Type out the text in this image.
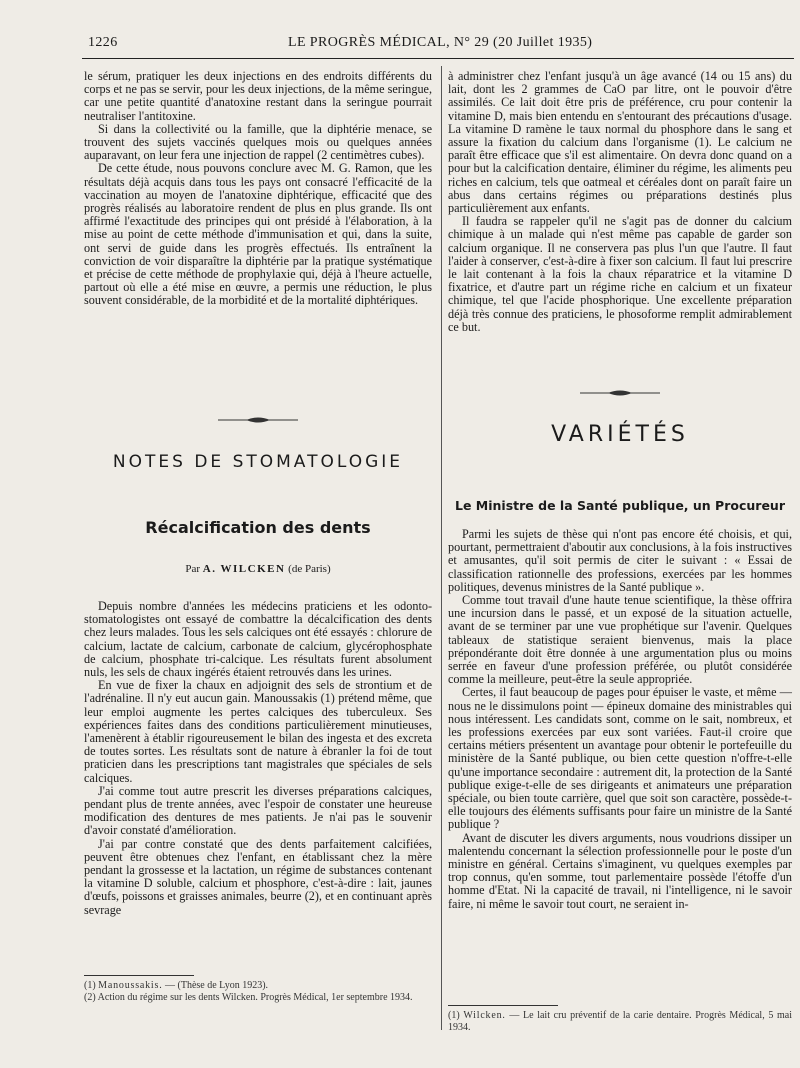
1226	LE PROGRÈS MÉDICAL, N° 29 (20 Juillet 1935)

le sérum, pratiquer les deux injections en des endroits différents du corps et ne pas se servir, pour les deux injections, de la même seringue, car une petite quantité d'anatoxine restant dans la seringue pourrait neutraliser l'antitoxine.

Si dans la collectivité ou la famille, que la diphtérie menace, se trouvent des sujets vaccinés quelques mois ou quelques années auparavant, on leur fera une injection de rappel (2 centimètres cubes).

De cette étude, nous pouvons conclure avec M. G. Ramon, que les résultats déjà acquis dans tous les pays ont consacré l'efficacité de la vaccination au moyen de l'anatoxine diphtérique, efficacité que des progrès réalisés au laboratoire rendent de plus en plus grande. Ils ont affirmé l'exactitude des principes qui ont présidé à l'élaboration, à la mise au point de cette méthode d'immunisation et qui, dans la suite, ont servi de guide dans les progrès effectués. Ils entraînent la conviction de voir disparaître la diphtérie par la pratique systématique et précise de cette méthode de prophylaxie qui, déjà à l'heure actuelle, partout où elle a été mise en œuvre, a permis une réduction, le plus souvent considérable, de la morbidité et de la mortalité diphtériques.

NOTES DE STOMATOLOGIE

Récalcification des dents

Par A. WILCKEN (de Paris)

Depuis nombre d'années les médecins praticiens et les odonto-stomatologistes ont essayé de combattre la décalcification des dents chez leurs malades. Tous les sels calciques ont été essayés : chlorure de calcium, lactate de calcium, carbonate de calcium, glycérophosphate de calcium, phosphate tri-calcique. Les résultats furent absolument nuls, les sels de chaux ingérés étaient retrouvés dans les urines.

En vue de fixer la chaux en adjoignit des sels de strontium et de l'adrénaline. Il n'y eut aucun gain. Manoussakis (1) prétend même, que leur emploi augmente les pertes calciques des tuberculeux. Ses expériences faites dans des conditions particulièrement minutieuses, l'amenèrent à établir rigoureusement le bilan des ingesta et des excreta de toutes sortes. Les résultats sont de nature à ébranler la foi de tout praticien dans les prescriptions tant magistrales que spéciales de sels calciques.

J'ai comme tout autre prescrit les diverses préparations calciques, pendant plus de trente années, avec l'espoir de constater une heureuse modification des dentures de mes patients. Je n'ai pas le souvenir d'avoir constaté d'amélioration.

J'ai par contre constaté que des dents parfaitement calcifiées, peuvent être obtenues chez l'enfant, en établissant chez la mère pendant la grossesse et la lactation, un régime de substances contenant la vitamine D soluble, calcium et phosphore, c'est-à-dire : lait, jaunes d'œufs, poissons et graisses animales, beurre (2), et en continuant après sevrage

(1) Manoussakis. — (Thèse de Lyon 1923).

(2) Action du régime sur les dents Wilcken. Progrès Médical, 1er septembre 1934.

à administrer chez l'enfant jusqu'à un âge avancé (14 ou 15 ans) du lait, dont les 2 grammes de CaO par litre, ont le pouvoir d'être assimilés. Ce lait doit être pris de préférence, cru pour contenir la vitamine D, mais bien entendu en s'entourant des précautions d'usage. La vitamine D ramène le taux normal du phosphore dans le sang et assure la fixation du calcium dans l'organisme (1). Le calcium ne paraît être efficace que s'il est alimentaire. On devra donc quand on a pour but la calcification dentaire, éliminer du régime, les aliments peu riches en calcium, tels que oatmeal et céréales dont on paraît faire un abus dans certains régimes ou préparations destinés plus particulièrement aux enfants.

Il faudra se rappeler qu'il ne s'agit pas de donner du calcium chimique à un malade qui n'est même pas capable de garder son calcium organique. Il ne conservera pas plus l'un que l'autre. Il faut l'aider à conserver, c'est-à-dire à fixer son calcium. Il faut lui prescrire le lait contenant à la fois la chaux réparatrice et la vitamine D fixatrice, et d'autre part un régime riche en calcium et un fixateur chimique, tel que l'acide phosphorique. Une excellente préparation déjà très connue des praticiens, le phosoforme remplit admirablement ce but.

VARIÉTÉS

Le Ministre de la Santé publique, un Procureur

Parmi les sujets de thèse qui n'ont pas encore été choisis, et qui, pourtant, permettraient d'aboutir aux conclusions, à la fois instructives et amusantes, qu'il soit permis de citer le suivant : « Essai de classification rationnelle des professions, exercées par les hommes politiques, devenus ministres de la Santé publique ».

Comme tout travail d'une haute tenue scientifique, la thèse offrira une incursion dans le passé, et un exposé de la situation actuelle, avant de se terminer par une vue prophétique sur l'avenir. Quelques tableaux de statistique seraient bienvenus, mais la place prépondérante doit être donnée à une argumentation plus ou moins serrée en faveur d'une profession préférée, ou plutôt considérée comme la meilleure, peut-être la seule appropriée.

Certes, il faut beaucoup de pages pour épuiser le vaste, et même — nous ne le dissimulons point — épineux domaine des ministrables qui nous intéressent. Les candidats sont, comme on le sait, nombreux, et les professions exercées par eux sont variées. Faut-il croire que certains métiers présentent un avantage pour obtenir le portefeuille du ministère de la Santé publique, ou bien cette question n'offre-t-elle qu'une importance secondaire : autrement dit, la protection de la Santé publique exige-t-elle de ses dirigeants et animateurs une préparation spéciale, ou bien toute carrière, quel que soit son caractère, possède-t-elle toujours des éléments suffisants pour faire un ministre de la Santé publique ?

Avant de discuter les divers arguments, nous voudrions dissiper un malentendu concernant la sélection professionnelle pour le poste d'un ministre en général. Certains s'imaginent, vu quelques exemples par trop connus, qu'en somme, tout parlementaire possède l'étoffe d'un homme d'Etat. Ni la capacité de travail, ni l'intelligence, ni le savoir faire, ni même le savoir tout court, ne seraient in-

(1) Wilcken. — Le lait cru préventif de la carie dentaire. Progrès Médical, 5 mai 1934.
